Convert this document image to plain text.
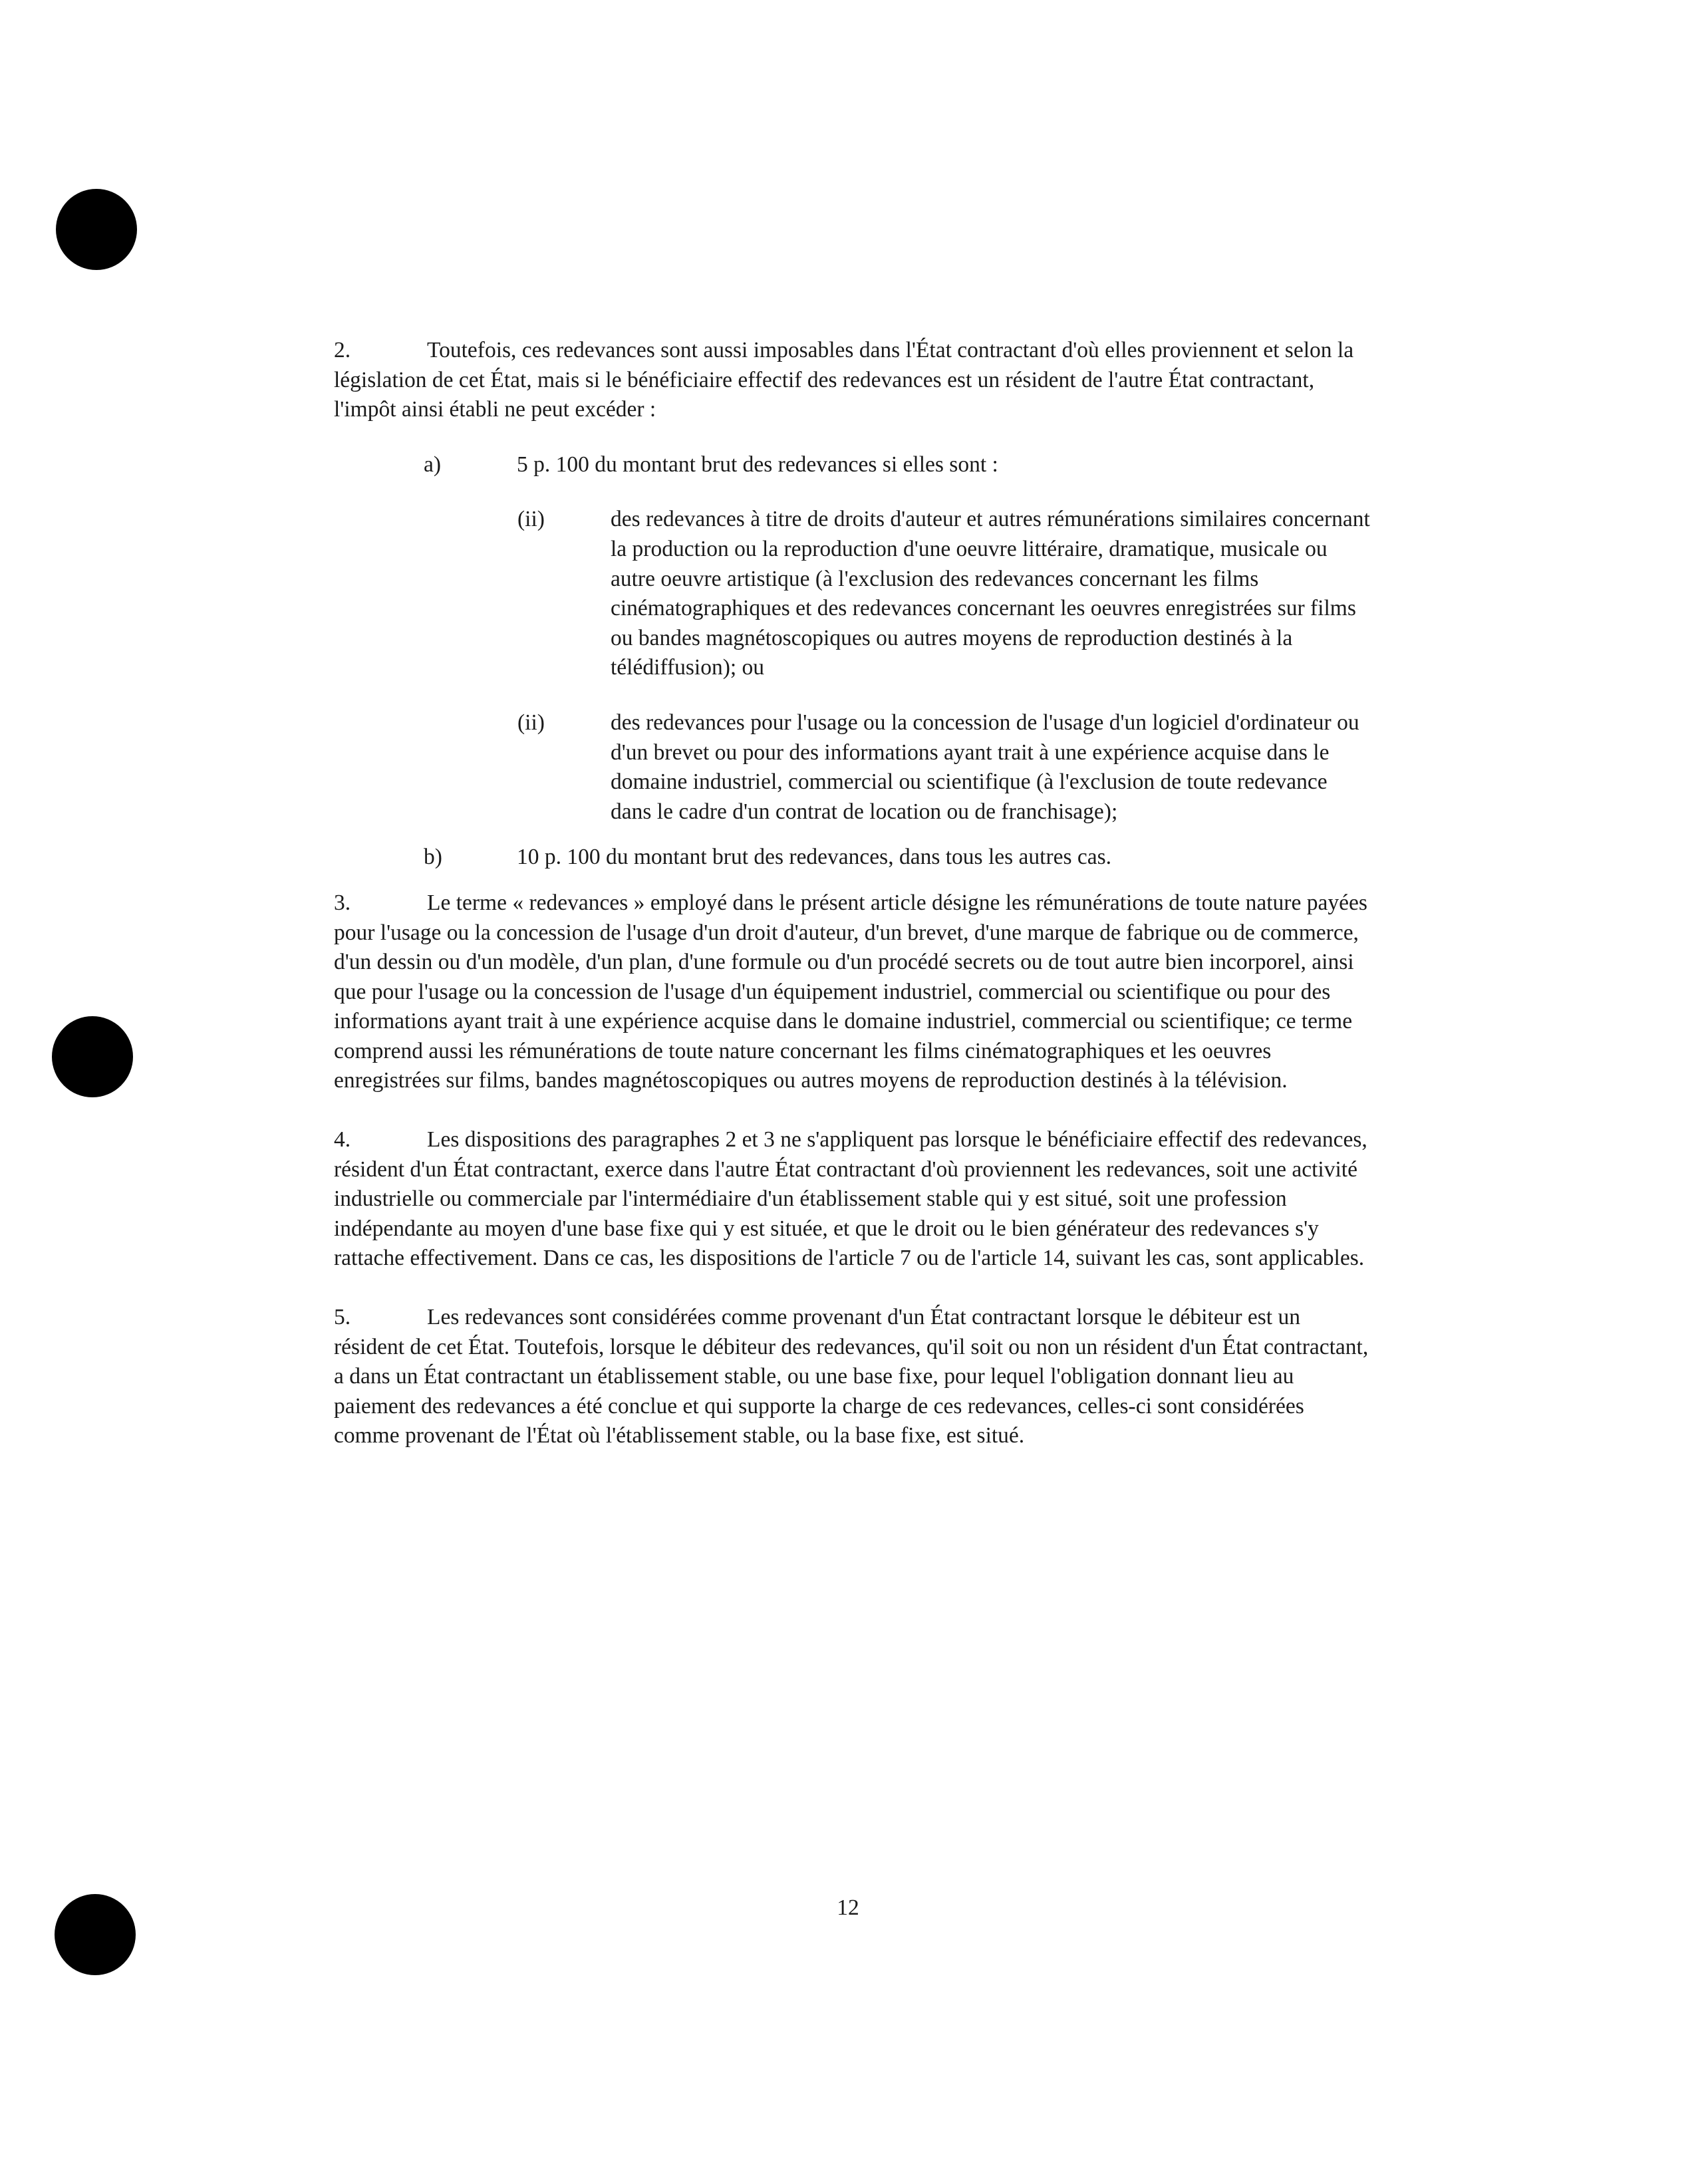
2.	Toutefois, ces redevances sont aussi imposables dans l'État contractant d'où elles proviennent et selon la législation de cet État, mais si le bénéficiaire effectif des redevances est un résident de l'autre État contractant, l'impôt ainsi établi ne peut excéder :

a)	5 p. 100 du montant brut des redevances si elles sont :
(ii)	des redevances à titre de droits d'auteur et autres rémunérations similaires concernant la production ou la reproduction d'une oeuvre littéraire, dramatique, musicale ou autre oeuvre artistique (à l'exclusion des redevances concernant les films cinématographiques et des redevances concernant les oeuvres enregistrées sur films ou bandes magnétoscopiques ou autres moyens de reproduction destinés à la télédiffusion); ou
(ii)	des redevances pour l'usage ou la concession de l'usage d'un logiciel d'ordinateur ou d'un brevet ou pour des informations ayant trait à une expérience acquise dans le domaine industriel, commercial ou scientifique (à l'exclusion de toute redevance dans le cadre d'un contrat de location ou de franchisage);
b)	10 p. 100 du montant brut des redevances, dans tous les autres cas.

3.	Le terme « redevances » employé dans le présent article désigne les rémunérations de toute nature payées pour l'usage ou la concession de l'usage d'un droit d'auteur, d'un brevet, d'une marque de fabrique ou de commerce, d'un dessin ou d'un modèle, d'un plan, d'une formule ou d'un procédé secrets ou de tout autre bien incorporel, ainsi que pour l'usage ou la concession de l'usage d'un équipement industriel, commercial ou scientifique ou pour des informations ayant trait à une expérience acquise dans le domaine industriel, commercial ou scientifique; ce terme comprend aussi les rémunérations de toute nature concernant les films cinématographiques et les oeuvres enregistrées sur films, bandes magnétoscopiques ou autres moyens de reproduction destinés à la télévision.

4.	Les dispositions des paragraphes 2 et 3 ne s'appliquent pas lorsque le bénéficiaire effectif des redevances, résident d'un État contractant, exerce dans l'autre État contractant d'où proviennent les redevances, soit une activité industrielle ou commerciale par l'intermédiaire d'un établissement stable qui y est situé, soit une profession indépendante au moyen d'une base fixe qui y est située, et que le droit ou le bien générateur des redevances s'y rattache effectivement. Dans ce cas, les dispositions de l'article 7 ou de l'article 14, suivant les cas, sont applicables.

5.	Les redevances sont considérées comme provenant d'un État contractant lorsque le débiteur est un résident de cet État. Toutefois, lorsque le débiteur des redevances, qu'il soit ou non un résident d'un État contractant, a dans un État contractant un établissement stable, ou une base fixe, pour lequel l'obligation donnant lieu au paiement des redevances a été conclue et qui supporte la charge de ces redevances, celles-ci sont considérées comme provenant de l'État où l'établissement stable, ou la base fixe, est situé.

12
